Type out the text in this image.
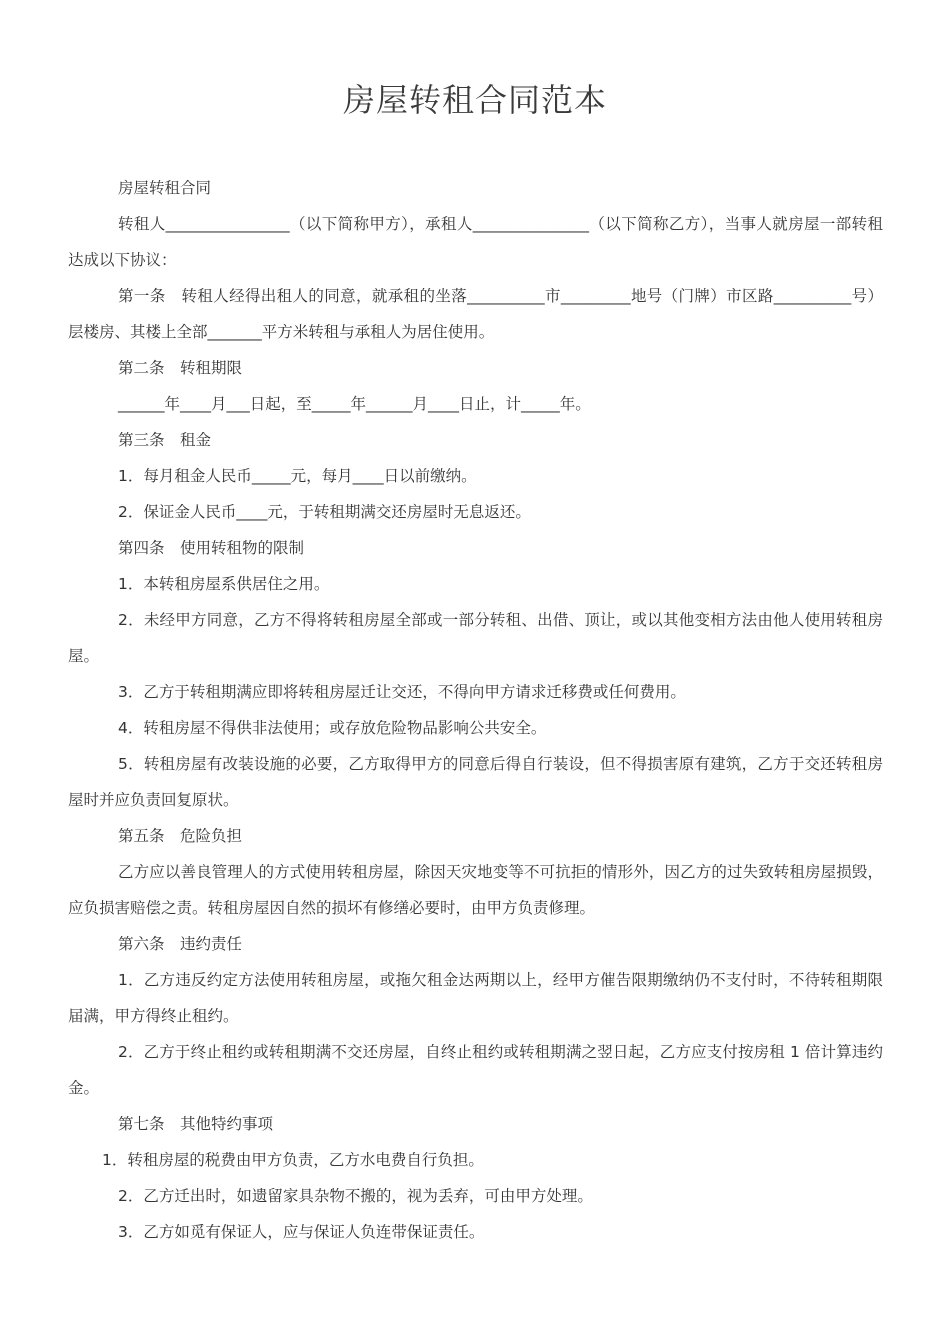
房屋转租合同范本

房屋转租合同

转租人________________（以下简称甲方），承租人_______________（以下简称乙方），当事人就房屋一部转租达成以下协议：

第一条　转租人经得出租人的同意，就承租的坐落__________市_________地号（门牌）市区路__________号）层楼房、其楼上全部_______平方米转租与承租人为居住使用。

第二条　转租期限

______年____月___日起，至_____年______月____日止，计_____年。

第三条　租金

1．每月租金人民币_____元，每月____日以前缴纳。

2．保证金人民币____元，于转租期满交还房屋时无息返还。

第四条　使用转租物的限制

1．本转租房屋系供居住之用。

2．未经甲方同意，乙方不得将转租房屋全部或一部分转租、出借、顶让，或以其他变相方法由他人使用转租房屋。

3．乙方于转租期满应即将转租房屋迁让交还，不得向甲方请求迁移费或任何费用。

4．转租房屋不得供非法使用；或存放危险物品影响公共安全。

5．转租房屋有改装设施的必要，乙方取得甲方的同意后得自行装设，但不得损害原有建筑，乙方于交还转租房屋时并应负责回复原状。

第五条　危险负担

乙方应以善良管理人的方式使用转租房屋，除因天灾地变等不可抗拒的情形外，因乙方的过失致转租房屋损毁，应负损害赔偿之责。转租房屋因自然的损坏有修缮必要时，由甲方负责修理。

第六条　违约责任

1．乙方违反约定方法使用转租房屋，或拖欠租金达两期以上，经甲方催告限期缴纳仍不支付时，不待转租期限届满，甲方得终止租约。

2．乙方于终止租约或转租期满不交还房屋，自终止租约或转租期满之翌日起，乙方应支付按房租 1 倍计算违约金。

第七条　其他特约事项

1．转租房屋的税费由甲方负责，乙方水电费自行负担。

2．乙方迁出时，如遗留家具杂物不搬的，视为丢弃，可由甲方处理。

3．乙方如觅有保证人，应与保证人负连带保证责任。
